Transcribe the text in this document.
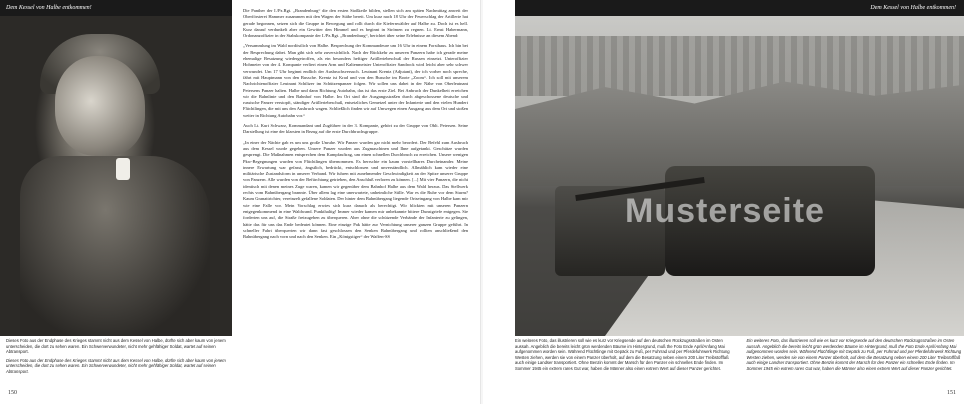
Dem Kessel von Halbe entkommen!

Dieses Foto aus der Endphase des Krieges stammt nicht aus dem Kessel von Halbe, dürfte sich aber kaum von jenem unterscheiden, die dort zu sehen waren. Ein Schwerverwundeter, nicht mehr gehfähiger Soldat, wartet auf seinen Abtransport.

Dieses Foto aus der Endphase des Krieges stammt nicht aus dem Kessel von Halbe, dürfte sich aber kaum von jenem unterscheiden, die dort zu sehen waren. Ein Schwerverwundeter, nicht mehr gehfähiger Soldat, wartet auf seinen Abtransport.

Die Panther der I./Pz.Rgt. „Brandenburg“ die den ersten Stoßkeile bilden, stellen sich am späten Nachmittag anweit der Oberförsterei Hammer zusammen mit den Wagen der Stäbe bereit. Um kurz nach 18 Uhr der Feuerschlag der Artillerie hat gerade begonnen, setzen sich die Gruppe in Bewegung und rollt durch die Kiefernwälder auf Halbe zu. Doch ist es hell. Kurz darauf verdunkelt aber ein Gewitter den Himmel und es beginnt in Strömen zu regnen. Lt. Ernst Habermann, Ordonanzoffizier in der Stabskompanie der I./Pz.Rgt. „Brandenburg“, berichtet über seine Erlebnisse an diesem Abend:

„Versammlung im Wald nordöstlich von Halbe. Besprechung der Kommandeure um 16 Uhr in einem Forsthaus. Ich bin bei der Besprechung dabei. Man gibt sich sehr zuversichtlich. Nach der Rückkehr zu unseren Panzern habe ich gerade meine ehemalige Besatzung wiedergetroffen, als ein besonders heftiger Artilleriebeschuß der Russen einsetzt. Unteroffizier Hohmeier von der 4. Kompanie verliert einen Arm und Kaltenmeister Unteroffizier Sandrock wird leicht aber sehr schwer verwundet. Um 17 Uhr beginnt endlich der Ausbruchsversuch. Leutnant Krentz (Adjutant), der ich vorher noch spreche, fährt mit Hauptmann von den Bussche. Krentz ist Krad und von den Bussche im Boote „Zoom“. Ich soll mit unserem Nachrichtenoffizier Leutnant Schiltzer im Schützenpanzer folgen. Wir sollen uns dabei in der Nähe von Oberleutnant Petersens Panzer halten. Halbe und dann Richtung Autobahn, das ist das erste Ziel. Bei Anbruch der Dunkelheit erreichen wir die Bahnlinie und den Bahnhof von Halbe. Im Ort sind die Ausgangsstraßen durch abgeschossene deutsche und russische Panzer verstopft, ständiger Artilleriebeschuß, entsetzliches Gemetzel unter der Infanterie und den vielen Hundert Flüchtlingen, die mit uns den Ausbruch wagen. Schließlich finden wir auf Umwegen einen Ausgang aus dem Ort und stoßen weiter in Richtung Autobahn vor.“

Auch Lt. Kurt Schwarz, Kommandant und Zugführer in der 3. Kompanie, gehört zu der Gruppe von Oblt. Petersen. Seine Darstellung ist eine der klarsten in Bezug auf die erste Durchbruchsgruppe.

„In einer der Nächte gab es um uns große Unruhe. Wir Panzer wurden gar nicht mehr beordert. Der Befehl zum Ausbruch aus dem Kessel wurde gegeben. Unsere Panzer wurden aus Zugmaschinen und Ihne aufgetankt. Geschütze wurden gesprengt. Die Maßnahmen entsprechen dem Kampfauftrag, um einen schnellen Durchbruch zu erreichen. Unsere wenigen Pkw-Begegnungen wurden von Flüchtlingen übernommen. Es herrschte ein kaum vorstellbares Durcheinander. Meine innere Erwartung war gefasst, ängstlich, bedrückt, entschlossen und unverständlich. Allmählich kam wieder eine militärische Zustandsform in unserer Verband. Wir fuhren mit zunehmender Geschwindigkeit an der Spitze unserer Gruppe von Panzern. Alle wurden von der Befürchtung getrieben, den Anschluß verloren zu können. [...] Mit vier Panzern, die nicht identisch mit denen meines Zuge waren, kamen wir gegenüber dem Bahnhof Halbe aus dem Wald heraus. Das Stellwerk rechts vom Bahnübergang brannte. Über allem lag eine unerwartete, unheimliche Stille. War es die Ruhe vor dem Sturm? Kaum Granattrichter, vereinzelt gefallene Soldaten. Der hinter dem Bahnübergang liegende Ortseingang von Halbe kam mir wie eine Falle vor. Mein Vorschlag erwies sich kurz danach als berechtigt. Wir blickten mit unseren Panzern entgegenkommend in eine Waldwand. Punkthaltig! Immer wieder kamen mir unbekannte bittere Dunstgriefe entgegen. Sie forderten uns auf, die Straße freizugeben zu überqueren. Aber ohne die schützende Verbände der Infanterie zu gelingen, hätte das für uns das Ende bedeutet können. Eine einzige Pak hätte zur Vernichtung unserer ganzen Gruppe geführt. In schneller Fahrt überquerten wir dann fast geschlossen den Senken Bahnübergang und rollten anschließend den Bahnübergang nach vorn und nach den Senken. Ein „Königstiger“ der Waffen-SS

150
Dem Kessel von Halbe entkommen!
Musterseite

Ein weiteres Foto, das illustrieren soll wie es kurz vor Kriegsende auf den deutschen Rückzugsstraßen im Osten aussah. Angeblich die bereits leicht grün werdenden Bäume im Hintergrund, muß the Foto Ende April/Anfang Mai aufgenommen worden sein. Während Flüchtlinge mit Gepäck zu Fuß, per Fuhrrad und per Pferdefuhrwerk Richtung Westen ziehen, werden sie von einem Panzer überholt, auf dem die Besatzung neben einem 200 Liter Treibstofffaß auch einige Landser transportiert. Ohne Benzin kommt der Marsch für den Panzer ein schnelles Ende finden. Im Sommer 1945 ein extrem rares Gut war, haben die Männer also einen extrem Wert auf dieser Panzer gerichtet.

Ein weiteres Foto, das illustrieren soll wie es kurz vor Kriegsende auf den deutschen Rückzugsstraßen im Osten aussah. Angeblich die bereits leicht grün werdenden Bäume im Hintergrund, muß the Foto Ende April/Anfang Mai aufgenommen worden sein. Während Flüchtlinge mit Gepäck zu Fuß, per Fuhrrad und per Pferdefuhrwerk Richtung Westen ziehen, werden sie von einem Panzer überholt, auf dem die Besatzung neben einem 200 Liter Treibstofffaß auch einige Landser transportiert. Ohne Benzin kommt der Marsch für den Panzer ein schnelles Ende finden. Im Sommer 1945 ein extrem rares Gut war, haben die Männer also einen extrem Wert auf dieser Panzer gerichtet.

151
